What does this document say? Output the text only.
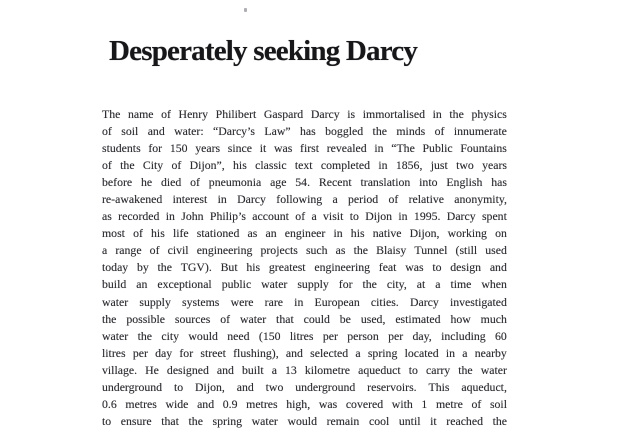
Desperately seeking Darcy
The name of Henry Philibert Gaspard Darcy is immortalised in the physics
of soil and water: “Darcy’s Law” has boggled the minds of innumerate
students for 150 years since it was first revealed in “The Public Fountains
of the City of Dijon”, his classic text completed in 1856, just two years
before he died of pneumonia age 54. Recent translation into English has
re-awakened interest in Darcy following a period of relative anonymity,
as recorded in John Philip’s account of a visit to Dijon in 1995. Darcy spent
most of his life stationed as an engineer in his native Dijon, working on
a range of civil engineering projects such as the Blaisy Tunnel (still used
today by the TGV). But his greatest engineering feat was to design and
build an exceptional public water supply for the city, at a time when
water supply systems were rare in European cities. Darcy investigated
the possible sources of water that could be used, estimated how much
water the city would need (150 litres per person per day, including 60
litres per day for street flushing), and selected a spring located in a nearby
village. He designed and built a 13 kilometre aqueduct to carry the water
underground to Dijon, and two underground reservoirs. This aqueduct,
0.6 metres wide and 0.9 metres high, was covered with 1 metre of soil
to ensure that the spring water would remain cool until it reached the
